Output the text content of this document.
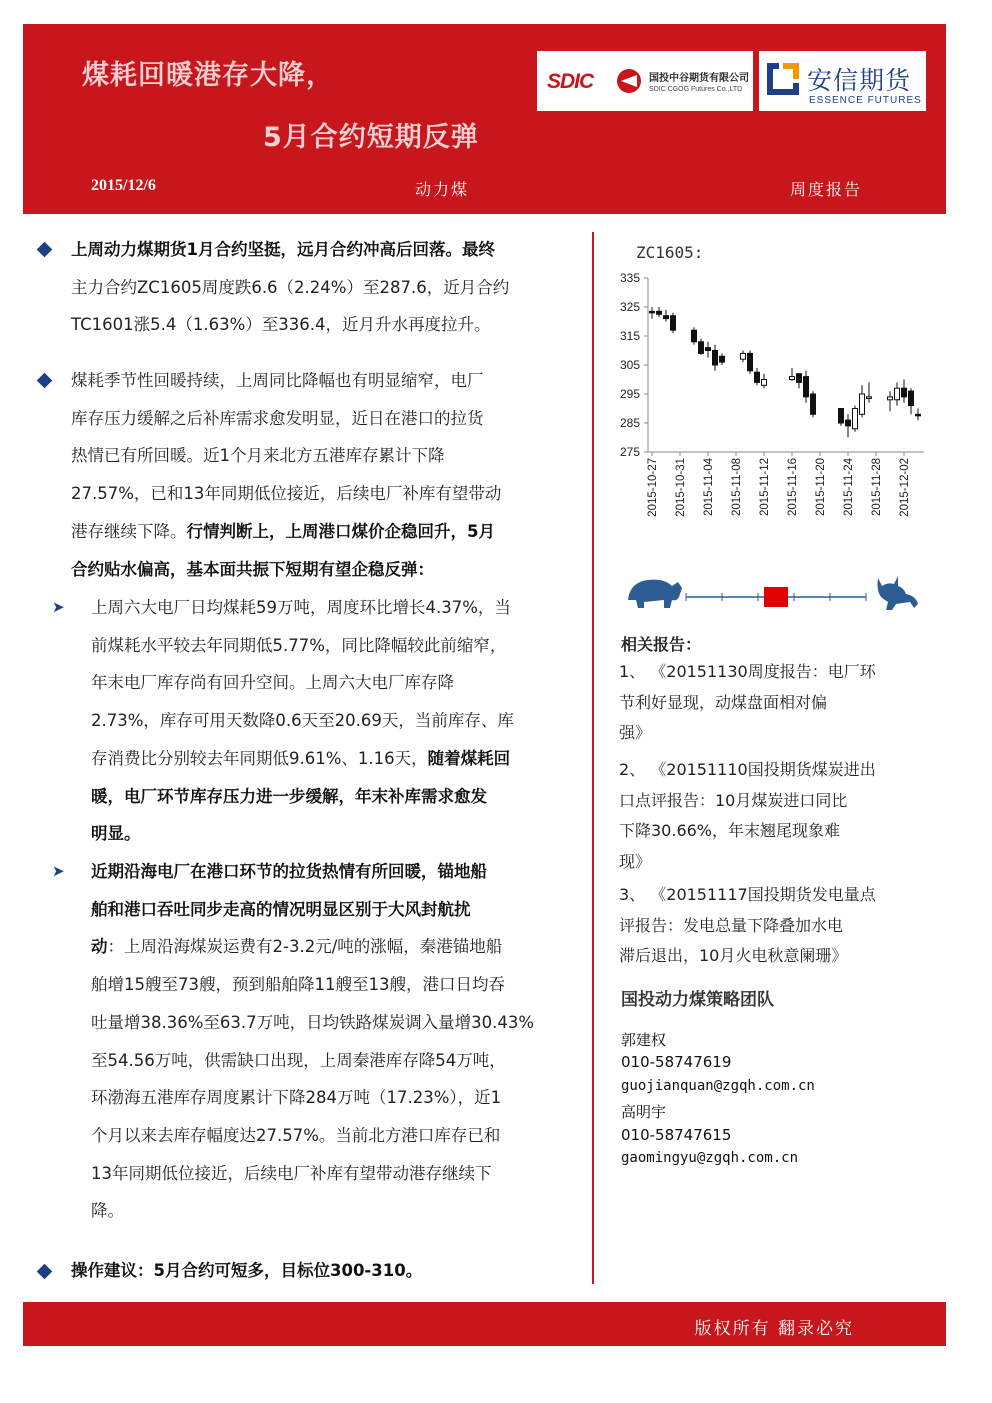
煤耗回暖港存大降，
5月合约短期反弹
SDIC	国投中谷期货有限公司
SDIC CGOG Futures Co.,LTD	安信期货
ESSENCE FUTURES
2015/12/6	动力煤	周度报告
上周动力煤期货1月合约坚挺，远月合约冲高后回落。最终
主力合约ZC1605周度跌6.6（2.24%）至287.6，近月合约
TC1601涨5.4（1.63%）至336.4，近月升水再度拉升。
煤耗季节性回暖持续，上周同比降幅也有明显缩窄，电厂
库存压力缓解之后补库需求愈发明显，近日在港口的拉货
热情已有所回暖。近1个月来北方五港库存累计下降
27.57%，已和13年同期低位接近，后续电厂补库有望带动
港存继续下降。行情判断上，上周港口煤价企稳回升，5月
合约贴水偏高，基本面共振下短期有望企稳反弹：
➤ 上周六大电厂日均煤耗59万吨，周度环比增长4.37%，当
前煤耗水平较去年同期低5.77%，同比降幅较此前缩窄，
年末电厂库存尚有回升空间。上周六大电厂库存降
2.73%，库存可用天数降0.6天至20.69天，当前库存、库
存消费比分别较去年同期低9.61%、1.16天，随着煤耗回
暖，电厂环节库存压力进一步缓解，年末补库需求愈发
明显。
➤ 近期沿海电厂在港口环节的拉货热情有所回暖，锚地船
舶和港口吞吐同步走高的情况明显区别于大风封航扰
动：上周沿海煤炭运费有2-3.2元/吨的涨幅，秦港锚地船
舶增15艘至73艘，预到船舶降11艘至13艘，港口日均吞
吐量增38.36%至63.7万吨，日均铁路煤炭调入量增30.43%
至54.56万吨，供需缺口出现，上周秦港库存降54万吨，
环渤海五港库存周度累计下降284万吨（17.23%），近1
个月以来去库存幅度达27.57%。当前北方港口库存已和
13年同期低位接近，后续电厂补库有望带动港存继续下
降。
操作建议：5月合约可短多，目标位300-310。
ZC1605:
275
285
295
305
315
325
335
2015-10-27 2015-10-31 2015-11-04 2015-11-08 2015-11-12 2015-11-16 2015-11-20 2015-11-24 2015-11-28 2015-12-02
相关报告：
1、 《20151130周度报告：电厂环
节利好显现，动煤盘面相对偏
强》
2、 《20151110国投期货煤炭进出
口点评报告：10月煤炭进口同比
下降30.66%，年末翘尾现象难
现》
3、 《20151117国投期货发电量点
评报告：发电总量下降叠加水电
滞后退出，10月火电秋意阑珊》
国投动力煤策略团队
郭建权
010-58747619
guojianquan@zgqh.com.cn
高明宇
010-58747615
gaomingyu@zgqh.com.cn
版权所有 翻录必究
